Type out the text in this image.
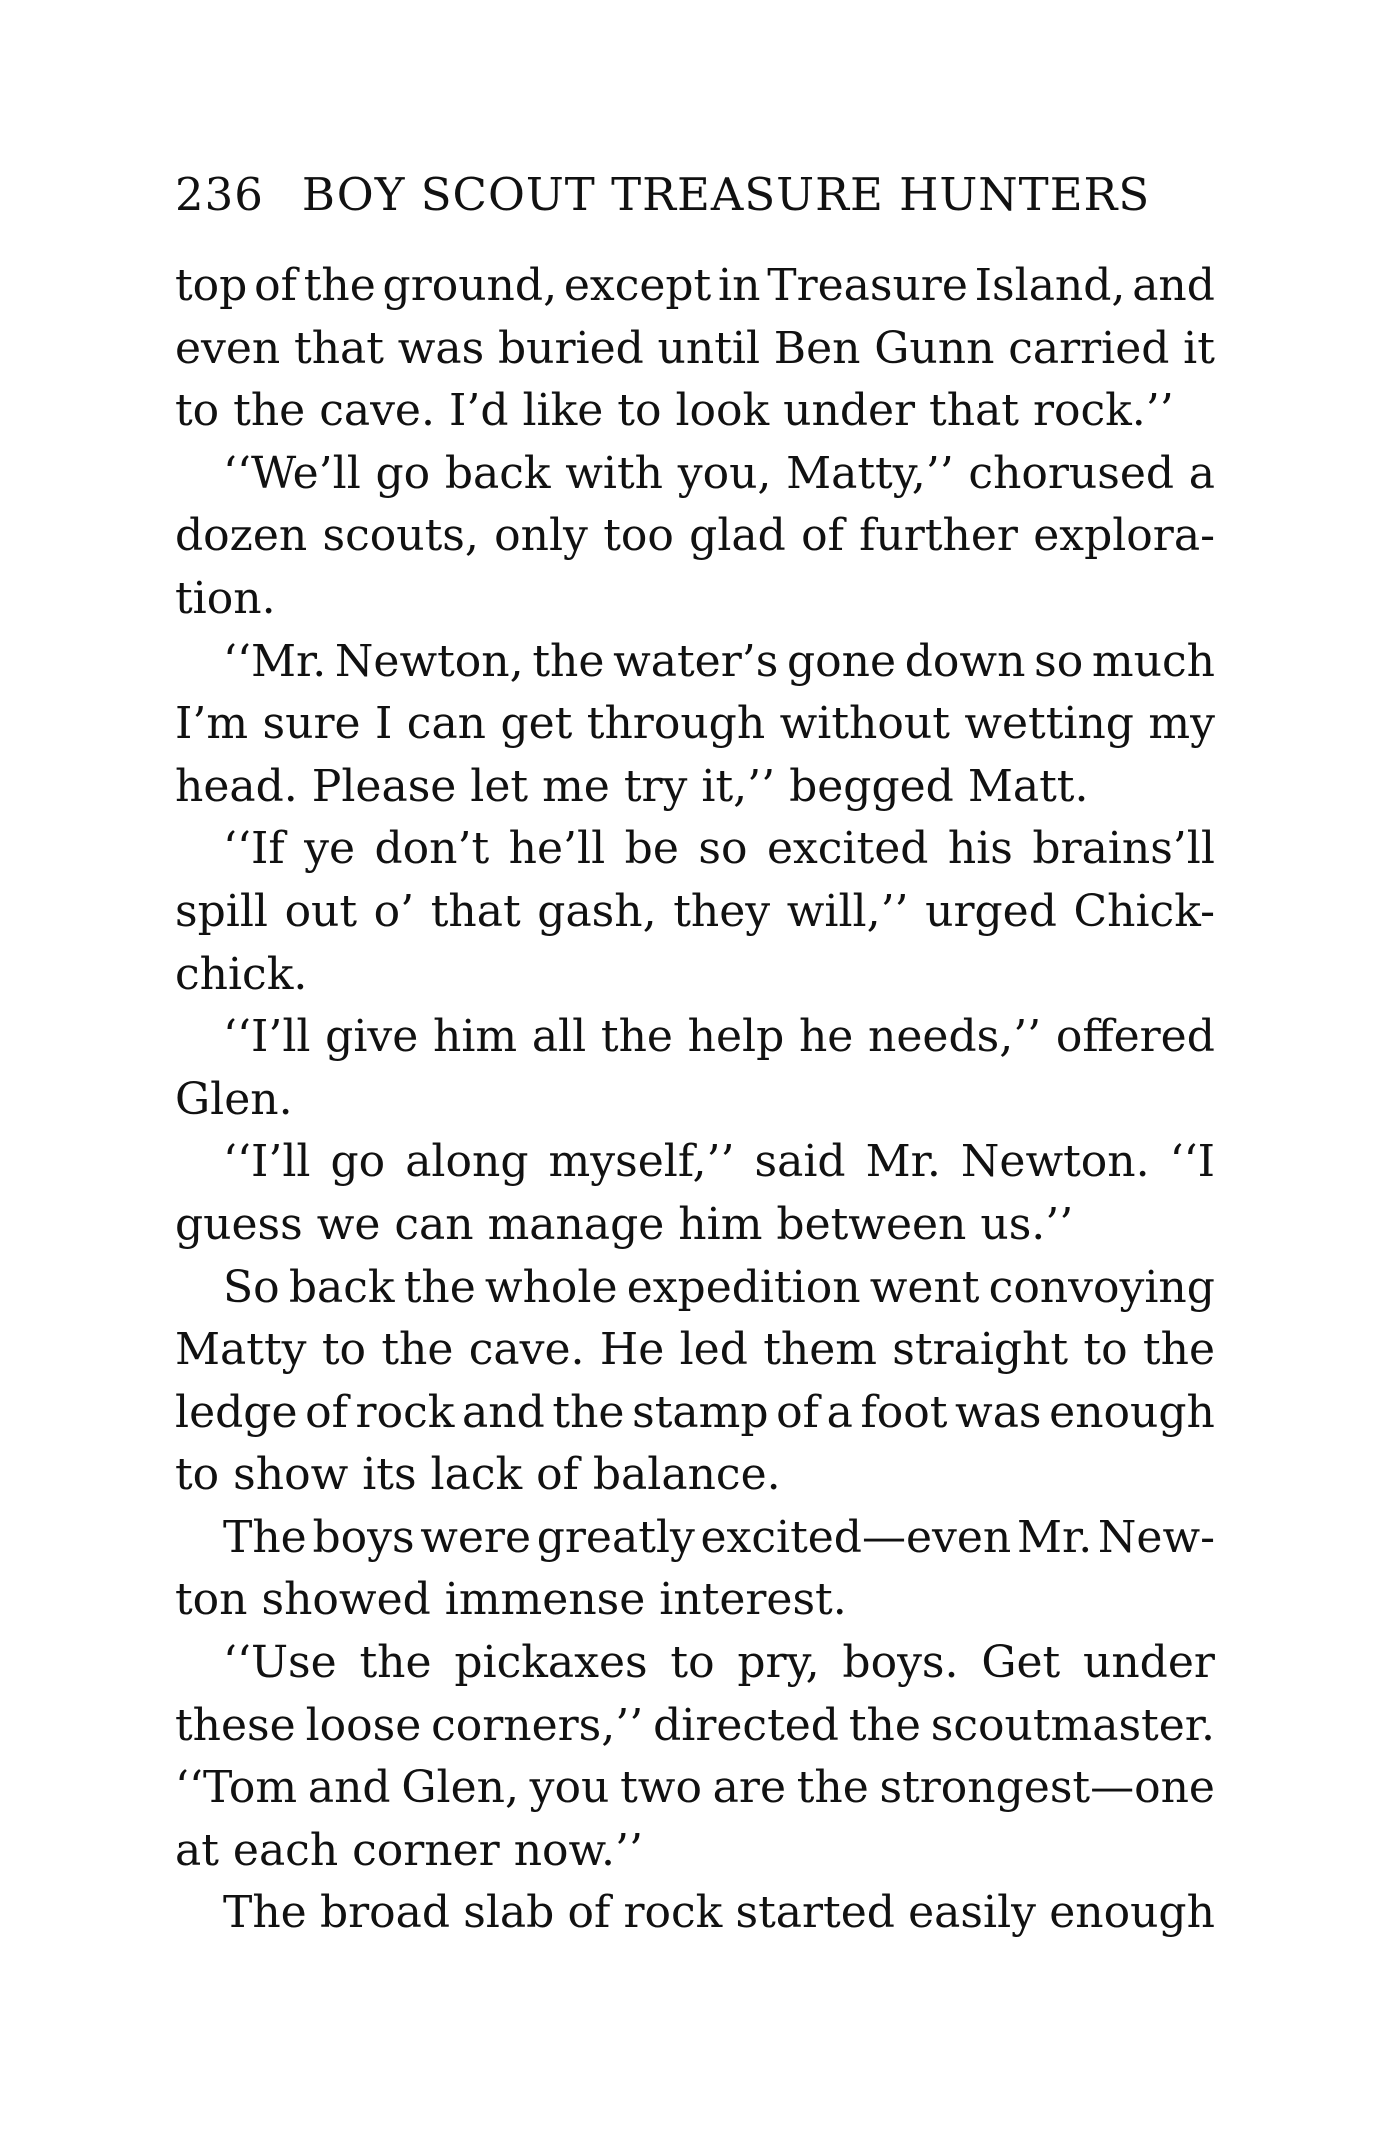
236 BOY SCOUT TREASURE HUNTERS
top of the ground, except in Treasure Island, and
even that was buried until Ben Gunn carried it
to the cave. I’d like to look under that rock.’’
‘‘We’ll go back with you, Matty,’’ chorused a
dozen scouts, only too glad of further explora-
tion.
‘‘Mr. Newton, the water’s gone down so much
I’m sure I can get through without wetting my
head. Please let me try it,’’ begged Matt.
‘‘If ye don’t he’ll be so excited his brains’ll
spill out o’ that gash, they will,’’ urged Chick-
chick.
‘‘I’ll give him all the help he needs,’’ offered
Glen.
‘‘I’ll go along myself,’’ said Mr. Newton. ‘‘I
guess we can manage him between us.’’
So back the whole expedition went convoying
Matty to the cave. He led them straight to the
ledge of rock and the stamp of a foot was enough
to show its lack of balance.
The boys were greatly excited—even Mr. New-
ton showed immense interest.
‘‘Use the pickaxes to pry, boys. Get under
these loose corners,’’ directed the scoutmaster.
‘‘Tom and Glen, you two are the strongest—one
at each corner now.’’
The broad slab of rock started easily enough
